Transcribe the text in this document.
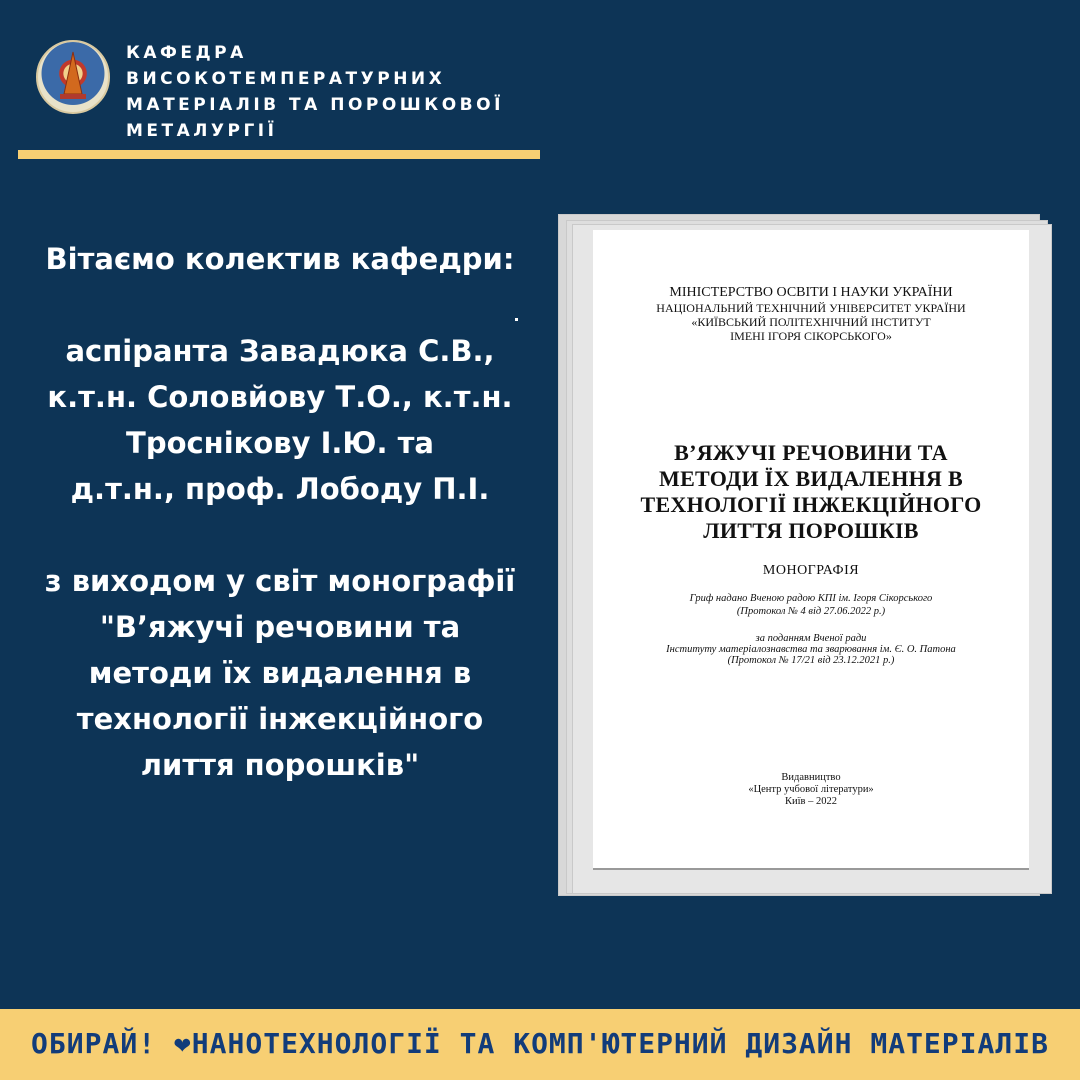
КАФЕДРА
ВИСОКОТЕМПЕРАТУРНИХ
МАТЕРІАЛІВ ТА ПОРОШКОВОЇ
МЕТАЛУРГІЇ

Вітаємо колектив кафедри:

аспіранта Завадюка С.В.,

к.т.н. Соловйову Т.О., к.т.н.

Троснікову І.Ю. та

д.т.н., проф. Лободу П.І.

з виходом у світ монографії

"В’яжучі речовини та

методи їх видалення в

технології інжекційного

лиття порошків"

МІНІСТЕРСТВО ОСВІТИ І НАУКИ УКРАЇНИ
НАЦІОНАЛЬНИЙ ТЕХНІЧНИЙ УНІВЕРСИТЕТ УКРАЇНИ
«КИЇВСЬКИЙ ПОЛІТЕХНІЧНИЙ ІНСТИТУТ
ІМЕНІ ІГОРЯ СІКОРСЬКОГО»
В’ЯЖУЧІ РЕЧОВИНИ ТА
МЕТОДИ ЇХ ВИДАЛЕННЯ В
ТЕХНОЛОГІЇ ІНЖЕКЦІЙНОГО
ЛИТТЯ ПОРОШКІВ
МОНОГРАФІЯ
Гриф надано Вченою радою КПІ ім. Ігоря Сікорського
(Протокол № 4 від 27.06.2022 р.)
за поданням Вченої ради
Інституту матеріалознавства та зварювання ім. Є. О. Патона
(Протокол № 17/21 від 23.12.2021 р.)
Видавництво
«Центр учбової літератури»
Київ – 2022
ОБИРАЙ! ❤НАНОТЕХНОЛОГІЇ ТА КОМП'ЮТЕРНИЙ ДИЗАЙН МАТЕРІАЛІВ
